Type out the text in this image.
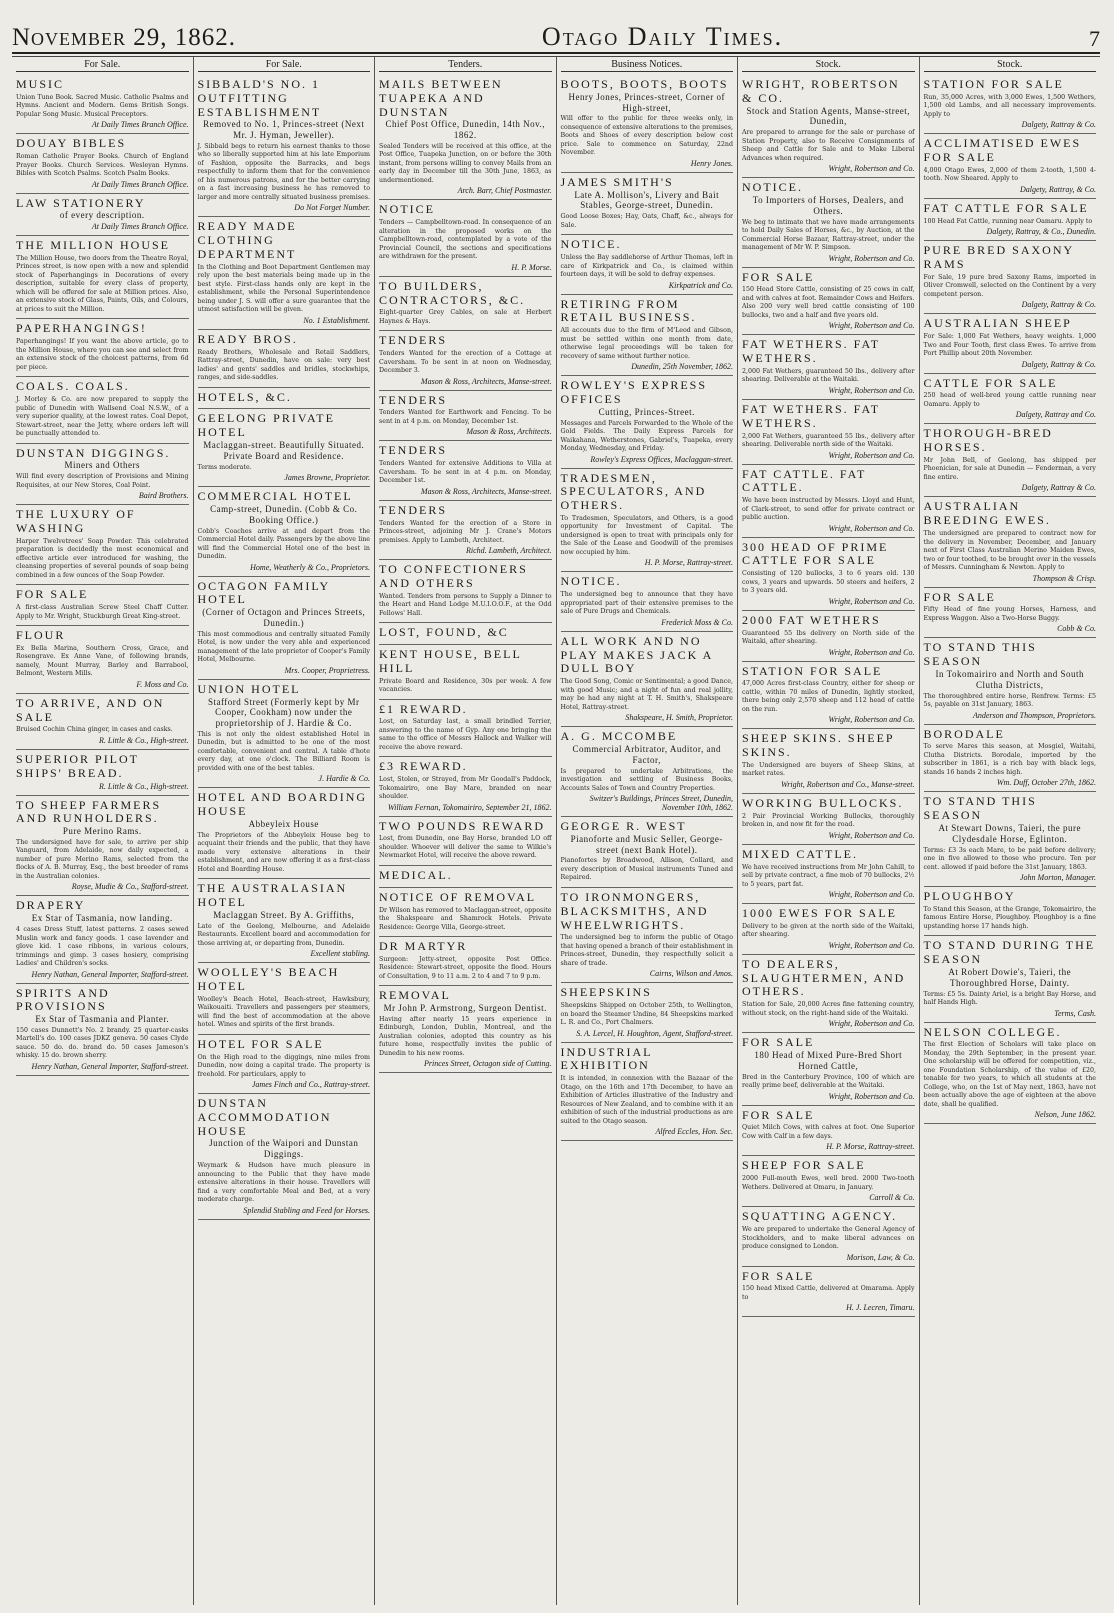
November 29, 1862.	Otago Daily Times.	7
For Sale.
MUSIC
Union Tune Book. Sacred Music. Catholic Psalms and Hymns. Ancient and Modern. Gems British Songs. Popular Song Music. Musical Preceptors.
At Daily Times Branch Office.
DOUAY BIBLES
Roman Catholic Prayer Books. Church of England Prayer Books. Church Services. Wesleyan Hymns. Bibles with Scotch Psalms. Scotch Psalm Books.
At Daily Times Branch Office.
LAW STATIONERY
of every description.
At Daily Times Branch Office.
THE MILLION HOUSE
The Million House, two doors from the Theatre Royal, Princes street, is now open with a new and splendid stock of Paperhangings in Decorations of every description, suitable for every class of property, which will be offered for sale at Million prices. Also, an extensive stock of Glass, Paints, Oils, and Colours, at prices to suit the Million.
PAPERHANGINGS!
Paperhangings! If you want the above article, go to the Million House, where you can see and select from an extensive stock of the choicest patterns, from 6d per piece.
COALS. COALS.
J. Morley & Co. are now prepared to supply the public of Dunedin with Wallsend Coal N.S.W., of a very superior quality, at the lowest rates. Coal Depot, Stewart-street, near the Jetty, where orders left will be punctually attended to.
DUNSTAN DIGGINGS.
Miners and Others
Will find every description of Provisions and Mining Requisites, at our New Stores, Coal Point.
Baird Brothers.
THE LUXURY OF WASHING
Harper Twelvetrees' Soap Powder. This celebrated preparation is decidedly the most economical and effective article ever introduced for washing, the cleansing properties of several pounds of soap being combined in a few ounces of the Soap Powder.
FOR SALE
A first-class Australian Screw Steel Chaff Cutter. Apply to Mr. Wright, Stuckburgh Great King-street.
FLOUR
Ex Bella Marina, Southern Cross, Grace, and Rosengrave. Ex Anne Vane, of following brands, namely, Mount Murray, Barley and Barrabool, Belmont, Western Mills.
F. Moss and Co.
TO ARRIVE, AND ON SALE
Bruised Cochin China ginger, in cases and casks.
R. Little & Co., High-street.
SUPERIOR PILOT SHIPS' BREAD.
R. Little & Co., High-street.
TO SHEEP FARMERS AND RUNHOLDERS.
Pure Merino Rams.
The undersigned have for sale, to arrive per ship Vanguard, from Adelaide, now daily expected, a number of pure Merino Rams, selected from the flocks of A. B. Murray, Esq., the best breeder of rams in the Australian colonies.
Royse, Mudie & Co., Stafford-street.
DRAPERY
Ex Star of Tasmania, now landing.
4 cases Dress Stuff, latest patterns. 2 cases sewed Muslin work and fancy goods. 1 case lavender and glove kid. 1 case ribbons, in various colours, trimmings and gimp. 3 cases hosiery, comprising Ladies' and Children's socks.
Henry Nathan, General Importer, Stafford-street.
SPIRITS AND PROVISIONS
Ex Star of Tasmania and Planter.
150 cases Dunnett's No. 2 brandy. 25 quarter-casks Martell's do. 100 cases JDKZ geneva. 50 cases Clyde sauce. 50 do. do. brand do. 50 cases Jameson's whisky. 15 do. brown sherry.
Henry Nathan, General Importer, Stafford-street.
For Sale.
SIBBALD'S NO. 1 OUTFITTING ESTABLISHMENT
Removed to No. 1, Princes-street (Next Mr. J. Hyman, Jeweller).
J. Sibbald begs to return his earnest thanks to those who so liberally supported him at his late Emporium of Fashion, opposite the Barracks, and begs respectfully to inform them that for the convenience of his numerous patrons, and for the better carrying on a fast increasing business he has removed to larger and more centrally situated business premises.
Do Not Forget Number.
READY MADE CLOTHING DEPARTMENT
In the Clothing and Boot Department Gentlemen may rely upon the best materials being made up in the best style. First-class hands only are kept in the establishment, while the Personal Superintendence being under J. S. will offer a sure guarantee that the utmost satisfaction will be given.
No. 1 Establishment.
READY BROS.
Ready Brothers, Wholesale and Retail Saddlers, Rattray-street, Dunedin, have on sale: very best ladies' and gents' saddles and bridles, stockwhips, ranges, and side-saddles.
HOTELS, &C.
GEELONG PRIVATE HOTEL
Maclaggan-street. Beautifully Situated. Private Board and Residence.
Terms moderate.
James Browne, Proprietor.
COMMERCIAL HOTEL
Camp-street, Dunedin. (Cobb & Co. Booking Office.)
Cobb's Coaches arrive at and depart from the Commercial Hotel daily. Passengers by the above line will find the Commercial Hotel one of the best in Dunedin.
Home, Weatherly & Co., Proprietors.
OCTAGON FAMILY HOTEL
(Corner of Octagon and Princes Streets, Dunedin.)
This most commodious and centrally situated Family Hotel, is now under the very able and experienced management of the late proprietor of Cooper's Family Hotel, Melbourne.
Mrs. Cooper, Proprietress.
UNION HOTEL
Stafford Street (Formerly kept by Mr Cooper, Cookham) now under the proprietorship of J. Hardie & Co.
This is not only the oldest established Hotel in Dunedin, but is admitted to be one of the most comfortable, convenient and central. A table d'hote every day, at one o'clock. The Billiard Room is provided with one of the best tables.
J. Hardie & Co.
HOTEL AND BOARDING HOUSE
Abbeyleix House
The Proprietors of the Abbeyleix House beg to acquaint their friends and the public, that they have made very extensive alterations in their establishment, and are now offering it as a first-class Hotel and Boarding House.
THE AUSTRALASIAN HOTEL
Maclaggan Street. By A. Griffiths,
Late of the Geelong, Melbourne, and Adelaide Restaurants. Excellent board and accommodation for those arriving at, or departing from, Dunedin.
Excellent stabling.
WOOLLEY'S BEACH HOTEL
Woolley's Beach Hotel, Beach-street, Hawksbury, Waikouaiti. Travellers and passengers per steamers, will find the best of accommodation at the above hotel. Wines and spirits of the first brands.
HOTEL FOR SALE
On the High road to the diggings, nine miles from Dunedin, now doing a capital trade. The property is freehold. For particulars, apply to
James Finch and Co., Rattray-street.
DUNSTAN ACCOMMODATION HOUSE
Junction of the Waipori and Dunstan Diggings.
Weymark & Hudson have much pleasure in announcing to the Public that they have made extensive alterations in their house. Travellers will find a very comfortable Meal and Bed, at a very moderate charge.
Splendid Stabling and Feed for Horses.
Tenders.
MAILS BETWEEN TUAPEKA AND DUNSTAN
Chief Post Office, Dunedin, 14th Nov., 1862.
Sealed Tenders will be received at this office, at the Post Office, Tuapeka Junction, on or before the 30th instant, from persons willing to convey Mails from an early day in December till the 30th June, 1863, as undermentioned.
Arch. Barr, Chief Postmaster.
NOTICE
Tenders — Campbelltown-road. In consequence of an alteration in the proposed works on the Campbelltown-road, contemplated by a vote of the Provincial Council, the sections and specifications are withdrawn for the present.
H. P. Morse.
TO BUILDERS, CONTRACTORS, &C.
Eight-quarter Grey Cables, on sale at Herbert Haynes & Hays.
TENDERS
Tenders Wanted for the erection of a Cottage at Caversham. To be sent in at noon on Wednesday, December 3.
Mason & Ross, Architects, Manse-street.
TENDERS
Tenders Wanted for Earthwork and Fencing. To be sent in at 4 p.m. on Monday, December 1st.
Mason & Ross, Architects.
TENDERS
Tenders Wanted for extensive Additions to Villa at Caversham. To be sent in at 4 p.m. on Monday, December 1st.
Mason & Ross, Architects, Manse-street.
TENDERS
Tenders Wanted for the erection of a Store in Princes-street, adjoining Mr J. Crane's Motors premises. Apply to Lambeth, Architect.
Richd. Lambeth, Architect.
TO CONFECTIONERS AND OTHERS
Wanted. Tenders from persons to Supply a Dinner to the Heart and Hand Lodge M.U.I.O.O.F., at the Odd Fellows' Hall.
LOST, FOUND, &C
KENT HOUSE, BELL HILL
Private Board and Residence, 30s per week. A few vacancies.
£1 REWARD.
Lost, on Saturday last, a small brindled Terrier, answering to the name of Gyp. Any one bringing the same to the office of Messrs Hallock and Walker will receive the above reward.
£3 REWARD.
Lost, Stolen, or Strayed, from Mr Goodall's Paddock, Tokomairiro, one Bay Mare, branded on near shoulder.
William Fernan, Tokomairiro, September 21, 1862.
TWO POUNDS REWARD
Lost, from Dunedin, one Bay Horse, branded LO off shoulder. Whoever will deliver the same to Wilkie's Newmarket Hotel, will receive the above reward.
MEDICAL.
NOTICE OF REMOVAL
Dr Wilson has removed to Maclaggan-street, opposite the Shakspeare and Shamrock Hotels. Private Residence: George Villa, George-street.
DR MARTYR
Surgeon: Jetty-street, opposite Post Office. Residence: Stewart-street, opposite the flood. Hours of Consultation, 9 to 11 a.m. 2 to 4 and 7 to 9 p.m.
REMOVAL
Mr John P. Armstrong, Surgeon Dentist.
Having after nearly 15 years experience in Edinburgh, London, Dublin, Montreal, and the Australian colonies, adopted this country as his future home, respectfully invites the public of Dunedin to his new rooms.
Princes Street, Octagon side of Cutting.
Business Notices.
BOOTS, BOOTS, BOOTS
Henry Jones, Princes-street, Corner of High-street,
Will offer to the public for three weeks only, in consequence of extensive alterations to the premises, Boots and Shoes of every description below cost price. Sale to commence on Saturday, 22nd November.
Henry Jones.
JAMES SMITH'S
Late A. Mollison's, Livery and Bait Stables, George-street, Dunedin.
Good Loose Boxes; Hay, Oats, Chaff, &c., always for Sale.
NOTICE.
Unless the Bay saddlehorse of Arthur Thomas, left in care of Kirkpatrick and Co., is claimed within fourteen days, it will be sold to defray expenses.
Kirkpatrick and Co.
RETIRING FROM RETAIL BUSINESS.
All accounts due to the firm of M'Leod and Gibson, must be settled within one month from date, otherwise legal proceedings will be taken for recovery of same without further notice.
Dunedin, 25th November, 1862.
ROWLEY'S EXPRESS OFFICES
Cutting, Princes-Street.
Messages and Parcels Forwarded to the Whole of the Gold Fields. The Daily Express Parcels for Waikahana, Wetherstones, Gabriel's, Tuapeka, every Monday, Wednesday, and Friday.
Rowley's Express Offices, Maclaggan-street.
TRADESMEN, SPECULATORS, AND OTHERS.
To Tradesmen, Speculators, and Others, is a good opportunity for Investment of Capital. The undersigned is open to treat with principals only for the Sale of the Lease and Goodwill of the premises now occupied by him.
H. P. Morse, Rattray-street.
NOTICE.
The undersigned beg to announce that they have appropriated part of their extensive premises to the sale of Pure Drugs and Chemicals.
Frederick Moss & Co.
ALL WORK AND NO PLAY MAKES JACK A DULL BOY
The Good Song, Comic or Sentimental; a good Dance, with good Music; and a night of fun and real jollity, may be had any night at T. H. Smith's, Shakspeare Hotel, Rattray-street.
Shakspeare, H. Smith, Proprietor.
A. G. MCCOMBE
Commercial Arbitrator, Auditor, and Factor,
Is prepared to undertake Arbitrations, the investigation and settling of Business Books, Accounts Sales of Town and Country Properties.
Switzer's Buildings, Princes Street, Dunedin, November 10th, 1862.
GEORGE R. WEST
Pianoforte and Music Seller, George-street (next Bank Hotel).
Pianofortes by Broadwood, Allison, Collard, and every description of Musical instruments Tuned and Repaired.
TO IRONMONGERS, BLACKSMITHS, AND WHEELWRIGHTS.
The undersigned beg to inform the public of Otago that having opened a branch of their establishment in Princes-street, Dunedin, they respectfully solicit a share of trade.
Cairns, Wilson and Amos.
SHEEPSKINS
Sheepskins Shipped on October 25th, to Wellington, on board the Steamer Undine, 84 Sheepskins marked L. R. and Co., Port Chalmers.
S. A. Lercel, H. Houghton, Agent, Stafford-street.
INDUSTRIAL EXHIBITION
It is intended, in connexion with the Bazaar of the Otago, on the 16th and 17th December, to have an Exhibition of Articles illustrative of the Industry and Resources of New Zealand, and to combine with it an exhibition of such of the industrial productions as are suited to the Otago season.
Alfred Eccles, Hon. Sec.
Stock.
WRIGHT, ROBERTSON & CO.
Stock and Station Agents, Manse-street, Dunedin,
Are prepared to arrange for the sale or purchase of Station Property, also to Receive Consignments of Sheep and Cattle for Sale and to Make Liberal Advances when required.
Wright, Robertson and Co.
NOTICE.
To Importers of Horses, Dealers, and Others.
We beg to intimate that we have made arrangements to hold Daily Sales of Horses, &c., by Auction, at the Commercial Horse Bazaar, Rattray-street, under the management of Mr W. P. Simpson.
Wright, Robertson and Co.
FOR SALE
150 Head Store Cattle, consisting of 25 cows in calf, and with calves at foot. Remainder Cows and Heifers. Also 200 very well bred cattle consisting of 100 bullocks, two and a half and five years old.
Wright, Robertson and Co.
FAT WETHERS. FAT WETHERS.
2,000 Fat Wethers, guaranteed 50 lbs., delivery after shearing. Deliverable at the Waitaki.
Wright, Robertson and Co.
FAT WETHERS. FAT WETHERS.
2,000 Fat Wethers, guaranteed 55 lbs., delivery after shearing. Deliverable north side of the Waitaki.
Wright, Robertson and Co.
FAT CATTLE. FAT CATTLE.
We have been instructed by Messrs. Lloyd and Hunt, of Clark-street, to send offer for private contract or public auction.
Wright, Robertson and Co.
300 HEAD OF PRIME CATTLE FOR SALE
Consisting of 120 bullocks, 3 to 6 years old. 130 cows, 3 years and upwards. 50 steers and heifers, 2 to 3 years old.
Wright, Robertson and Co.
2000 FAT WETHERS
Guaranteed 55 lbs delivery on North side of the Waitaki, after shearing.
Wright, Robertson and Co.
STATION FOR SALE
47,000 Acres first-class Country, either for sheep or cattle, within 70 miles of Dunedin, lightly stocked, there being only 2,570 sheep and 112 head of cattle on the run.
Wright, Robertson and Co.
SHEEP SKINS. SHEEP SKINS.
The Undersigned are buyers of Sheep Skins, at market rates.
Wright, Robertson and Co., Manse-street.
WORKING BULLOCKS.
2 Pair Provincial Working Bullocks, thoroughly broken in, and now fit for the road.
Wright, Robertson and Co.
MIXED CATTLE.
We have received instructions from Mr John Cahill, to sell by private contract, a fine mob of 70 bullocks, 2½ to 5 years, part fat.
Wright, Robertson and Co.
1000 EWES FOR SALE
Delivery to be given at the north side of the Waitaki, after shearing.
Wright, Robertson and Co.
TO DEALERS, SLAUGHTERMEN, AND OTHERS.
Station for Sale, 20,000 Acres fine fattening country, without stock, on the right-hand side of the Waitaki.
Wright, Robertson and Co.
FOR SALE
180 Head of Mixed Pure-Bred Short Horned Cattle,
Bred in the Canterbury Province, 100 of which are really prime beef, deliverable at the Waitaki.
Wright, Robertson and Co.
FOR SALE
Quiet Milch Cows, with calves at foot. One Superior Cow with Calf in a few days.
H. P. Morse, Rattray-street.
SHEEP FOR SALE
2000 Full-mouth Ewes, well bred. 2000 Two-tooth Wethers. Delivered at Omaru, in January.
Carroll & Co.
SQUATTING AGENCY.
We are prepared to undertake the General Agency of Stockholders, and to make liberal advances on produce consigned to London.
Morison, Law, & Co.
FOR SALE
150 head Mixed Cattle, delivered at Omarama. Apply to
H. J. Lecren, Timaru.
Stock.
STATION FOR SALE
Run, 35,000 Acres, with 3,000 Ewes, 1,500 Wethers, 1,500 old Lambs, and all necessary improvements. Apply to
Dalgety, Rattray & Co.
ACCLIMATISED EWES FOR SALE
4,000 Otago Ewes, 2,000 of them 2-tooth, 1,500 4-tooth. Now Sheared. Apply to
Dalgety, Rattray, & Co.
FAT CATTLE FOR SALE
100 Head Fat Cattle, running near Oamaru. Apply to
Dalgety, Rattray, & Co., Dunedin.
PURE BRED SAXONY RAMS
For Sale, 19 pure bred Saxony Rams, imported in Oliver Cromwell, selected on the Continent by a very competent person.
Dalgety, Rattray & Co.
AUSTRALIAN SHEEP
For Sale: 1,000 Fat Wethers, heavy weights. 1,000 Two and Four Tooth, first class Ewes. To arrive from Port Phillip about 20th November.
Dalgety, Rattray & Co.
CATTLE FOR SALE
250 head of well-bred young cattle running near Oamaru. Apply to
Dalgety, Rattray and Co.
THOROUGH-BRED HORSES.
Mr John Bell, of Geelong, has shipped per Phoenician, for sale at Dunedin — Fenderman, a very fine entire.
Dalgety, Rattray & Co.
AUSTRALIAN BREEDING EWES.
The undersigned are prepared to contract now for the delivery in November, December, and January next of First Class Australian Merino Maiden Ewes, two or four toothed, to be brought over in the vessels of Messrs. Cunningham & Newton. Apply to
Thompson & Crisp.
FOR SALE
Fifty Head of fine young Horses, Harness, and Express Waggon. Also a Two-Horse Buggy.
Cobb & Co.
TO STAND THIS SEASON
In Tokomairiro and North and South Clutha Districts,
The thoroughbred entire horse, Renfrew. Terms: £5 5s, payable on 31st January, 1863.
Anderson and Thompson, Proprietors.
BORODALE
To serve Mares this season, at Mosgiel, Waitahi, Clutha Districts. Borodale, imported by the subscriber in 1861, is a rich bay with black legs, stands 16 hands 2 inches high.
Wm. Duff, October 27th, 1862.
TO STAND THIS SEASON
At Stewart Downs, Taieri, the pure Clydesdale Horse, Eglinton.
Terms: £3 3s each Mare, to be paid before delivery; one in five allowed to those who procure. Ten per cent. allowed if paid before the 31st January, 1863.
John Morton, Manager.
PLOUGHBOY
To Stand this Season, at the Grange, Tokomairiro, the famous Entire Horse, Ploughboy. Ploughboy is a fine upstanding horse 17 hands high.
TO STAND DURING THE SEASON
At Robert Dowie's, Taieri, the Thoroughbred Horse, Dainty.
Terms: £5 5s. Dainty Ariel, is a bright Bay Horse, and half Hands High.
Terms, Cash.
NELSON COLLEGE.
The first Election of Scholars will take place on Monday, the 29th September, in the present year. One scholarship will be offered for competition, viz., one Foundation Scholarship, of the value of £20, tenable for two years, to which all students at the College, who, on the 1st of May next, 1863, have not been actually above the age of eighteen at the above date, shall be qualified.
Nelson, June 1862.
